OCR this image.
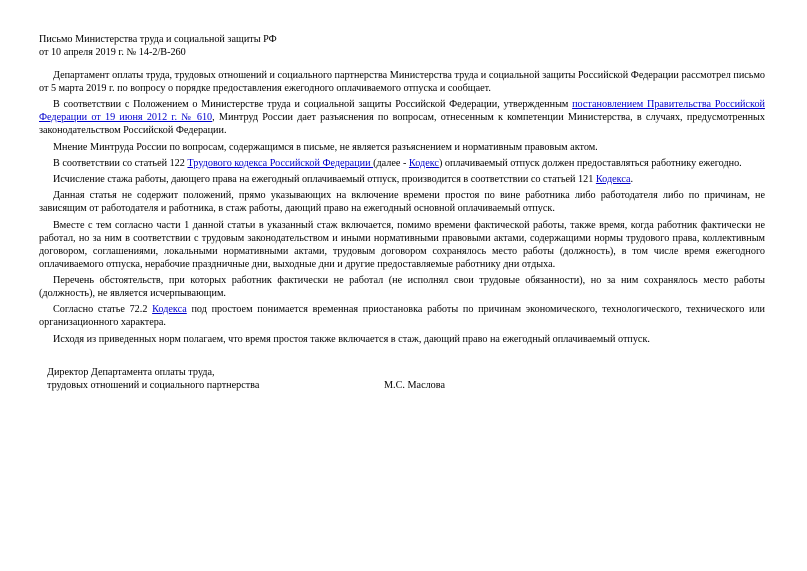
Письмо Министерства труда и социальной защиты РФ
от 10 апреля 2019 г. № 14-2/В-260

Департамент оплаты труда, трудовых отношений и социального партнерства Министерства труда и социальной защиты Российской Федерации рассмотрел письмо от 5 марта 2019 г. по вопросу о порядке предоставления ежегодного оплачиваемого отпуска и сообщает.

В соответствии с Положением о Министерстве труда и социальной защиты Российской Федерации, утвержденным постановлением Правительства Российской Федерации от 19 июня 2012 г. № 610, Минтруд России дает разъяснения по вопросам, отнесенным к компетенции Министерства, в случаях, предусмотренных законодательством Российской Федерации.

Мнение Минтруда России по вопросам, содержащимся в письме, не является разъяснением и нормативным правовым актом.

В соответствии со статьей 122 Трудового кодекса Российской Федерации (далее - Кодекс) оплачиваемый отпуск должен предоставляться работнику ежегодно.

Исчисление стажа работы, дающего права на ежегодный оплачиваемый отпуск, производится в соответствии со статьей 121 Кодекса.

Данная статья не содержит положений, прямо указывающих на включение времени простоя по вине работника либо работодателя либо по причинам, не зависящим от работодателя и работника, в стаж работы, дающий право на ежегодный основной оплачиваемый отпуск.

Вместе с тем согласно части 1 данной статьи в указанный стаж включается, помимо времени фактической работы, также время, когда работник фактически не работал, но за ним в соответствии с трудовым законодательством и иными нормативными правовыми актами, содержащими нормы трудового права, коллективным договором, соглашениями, локальными нормативными актами, трудовым договором сохранялось место работы (должность), в том числе время ежегодного оплачиваемого отпуска, нерабочие праздничные дни, выходные дни и другие предоставляемые работнику дни отдыха.

Перечень обстоятельств, при которых работник фактически не работал (не исполнял свои трудовые обязанности), но за ним сохранялось место работы (должность), не является исчерпывающим.

Согласно статье 72.2 Кодекса под простоем понимается временная приостановка работы по причинам экономического, технологического, технического или организационного характера.

Исходя из приведенных норм полагаем, что время простоя также включается в стаж, дающий право на ежегодный оплачиваемый отпуск.

Директор Департамента оплаты труда,
трудовых отношений и социального партнерства	М.С. Маслова
